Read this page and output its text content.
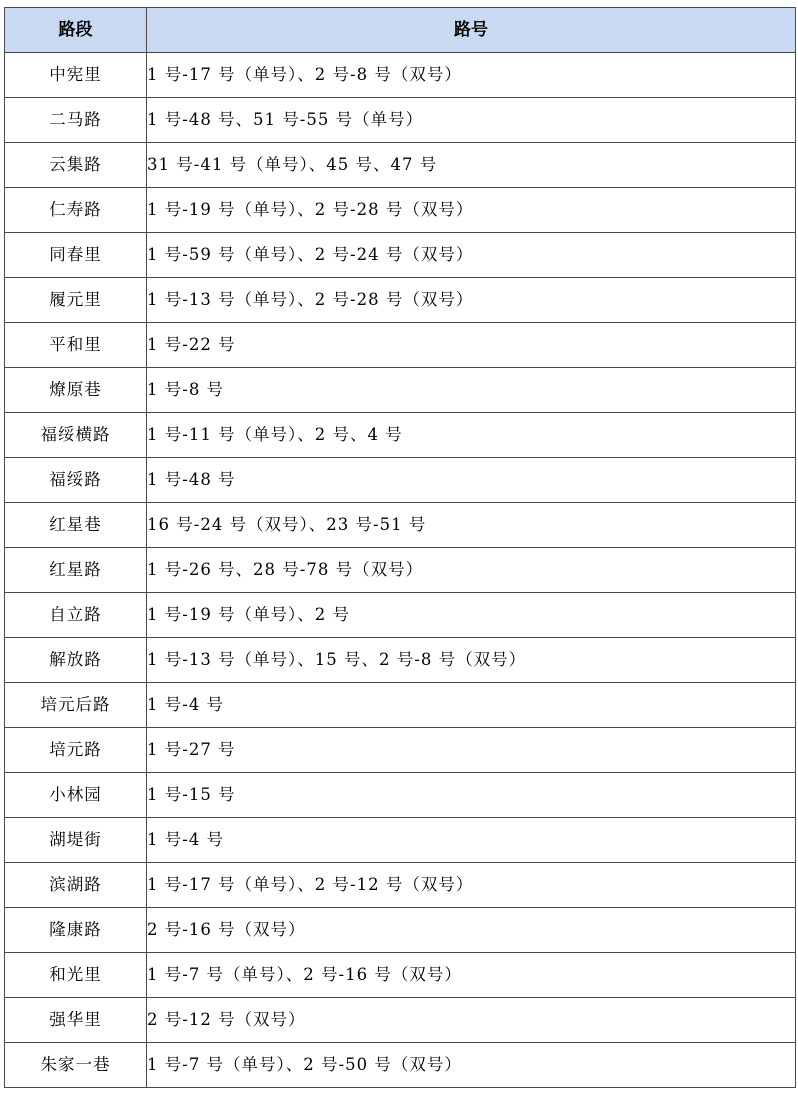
路段	路号
中宪里	1 号-17 号（单号）、2 号-8 号（双号）
二马路	1 号-48 号、51 号-55 号（单号）
云集路	31 号-41 号（单号）、45 号、47 号
仁寿路	1 号-19 号（单号）、2 号-28 号（双号）
同春里	1 号-59 号（单号）、2 号-24 号（双号）
履元里	1 号-13 号（单号）、2 号-28 号（双号）
平和里	1 号-22 号
燎原巷	1 号-8 号
福绥横路	1 号-11 号（单号）、2 号、4 号
福绥路	1 号-48 号
红星巷	16 号-24 号（双号）、23 号-51 号
红星路	1 号-26 号、28 号-78 号（双号）
自立路	1 号-19 号（单号）、2 号
解放路	1 号-13 号（单号）、15 号、2 号-8 号（双号）
培元后路	1 号-4 号
培元路	1 号-27 号
小林园	1 号-15 号
湖堤街	1 号-4 号
滨湖路	1 号-17 号（单号）、2 号-12 号（双号）
隆康路	2 号-16 号（双号）
和光里	1 号-7 号（单号）、2 号-16 号（双号）
强华里	2 号-12 号（双号）
朱家一巷	1 号-7 号（单号）、2 号-50 号（双号）
